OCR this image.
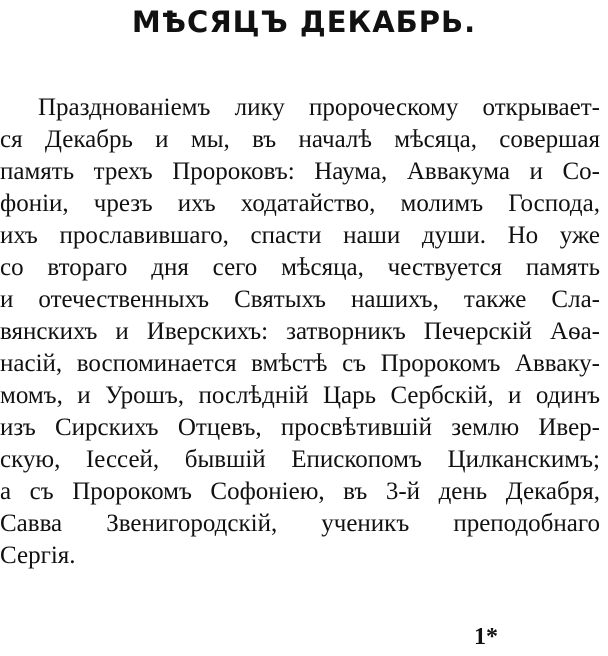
МѢСЯЦЪ ДЕКАБРЬ.
Празднованіемъ лику пророческому открывает-
ся Декабрь и мы, въ началѣ мѣсяца, совершая
память трехъ Пророковъ: Наума, Аввакума и Со-
фоніи, чрезъ ихъ ходатайство, молимъ Господа,
ихъ прославившаго, спасти наши души. Но уже
со втораго дня сего мѣсяца, чествуется память
и отечественныхъ Святыхъ нашихъ, также Сла-
вянскихъ и Иверскихъ: затворникъ Печерскій Аѳа-
насій, воспоминается вмѣстѣ съ Пророкомъ Авваку-
момъ, и Урошъ, послѣдній Царь Сербскій, и одинъ
изъ Сирскихъ Отцевъ, просвѣтившій землю Ивер-
скую, Іессей, бывшій Епископомъ Цилканскимъ;
а съ Пророкомъ Софоніею, въ 3-й день Декабря,
Савва Звенигородскій, ученикъ преподобнаго
Сергія.
1*
